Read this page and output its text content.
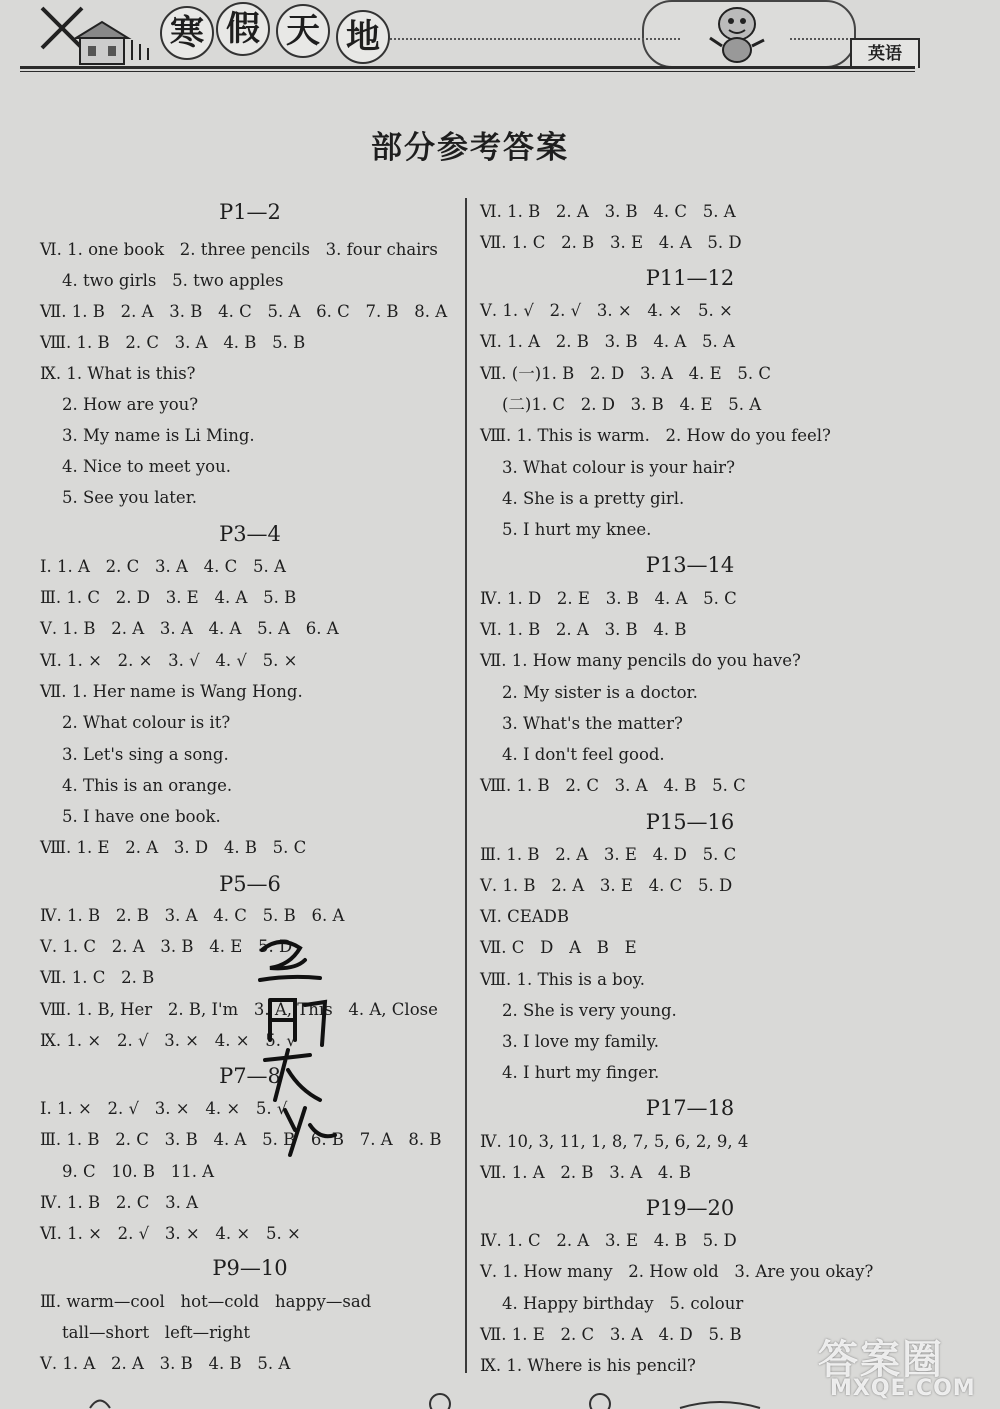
寒 假 天 地	英语
部分参考答案
P1—2
Ⅵ. 1. one book   2. three pencils   3. four chairs
4. two girls   5. two apples
Ⅶ. 1. B   2. A   3. B   4. C   5. A   6. C   7. B   8. A
Ⅷ. 1. B   2. C   3. A   4. B   5. B
Ⅸ. 1. What is this?
2. How are you?
3. My name is Li Ming.
4. Nice to meet you.
5. See you later.
P3—4
Ⅰ. 1. A   2. C   3. A   4. C   5. A
Ⅲ. 1. C   2. D   3. E   4. A   5. B
Ⅴ. 1. B   2. A   3. A   4. A   5. A   6. A
Ⅵ. 1. ×   2. ×   3. √   4. √   5. ×
Ⅶ. 1. Her name is Wang Hong.
2. What colour is it?
3. Let's sing a song.
4. This is an orange.
5. I have one book.
Ⅷ. 1. E   2. A   3. D   4. B   5. C
P5—6
Ⅳ. 1. B   2. B   3. A   4. C   5. B   6. A
Ⅴ. 1. C   2. A   3. B   4. E   5. D
Ⅶ. 1. C   2. B
Ⅷ. 1. B, Her   2. B, I'm   3. A, This   4. A, Close
Ⅸ. 1. ×   2. √   3. ×   4. ×   5. √
P7—8
Ⅰ. 1. ×   2. √   3. ×   4. ×   5. √
Ⅲ. 1. B   2. C   3. B   4. A   5. B   6. B   7. A   8. B
9. C   10. B   11. A
Ⅳ. 1. B   2. C   3. A
Ⅵ. 1. ×   2. √   3. ×   4. ×   5. ×
P9—10
Ⅲ. warm—cool   hot—cold   happy—sad
tall—short   left—right
Ⅴ. 1. A   2. A   3. B   4. B   5. A
Ⅵ. 1. B   2. A   3. B   4. C   5. A
Ⅶ. 1. C   2. B   3. E   4. A   5. D
P11—12
Ⅴ. 1. √   2. √   3. ×   4. ×   5. ×
Ⅵ. 1. A   2. B   3. B   4. A   5. A
Ⅶ. (一)1. B   2. D   3. A   4. E   5. C
(二)1. C   2. D   3. B   4. E   5. A
Ⅷ. 1. This is warm.   2. How do you feel?
3. What colour is your hair?
4. She is a pretty girl.
5. I hurt my knee.
P13—14
Ⅳ. 1. D   2. E   3. B   4. A   5. C
Ⅵ. 1. B   2. A   3. B   4. B
Ⅶ. 1. How many pencils do you have?
2. My sister is a doctor.
3. What's the matter?
4. I don't feel good.
Ⅷ. 1. B   2. C   3. A   4. B   5. C
P15—16
Ⅲ. 1. B   2. A   3. E   4. D   5. C
Ⅴ. 1. B   2. A   3. E   4. C   5. D
Ⅵ. CEADB
Ⅶ. C   D   A   B   E
Ⅷ. 1. This is a boy.
2. She is very young.
3. I love my family.
4. I hurt my finger.
P17—18
Ⅳ. 10, 3, 11, 1, 8, 7, 5, 6, 2, 9, 4
Ⅶ. 1. A   2. B   3. A   4. B
P19—20
Ⅳ. 1. C   2. A   3. E   4. B   5. D
Ⅴ. 1. How many   2. How old   3. Are you okay?
4. Happy birthday   5. colour
Ⅶ. 1. E   2. C   3. A   4. D   5. B
Ⅸ. 1. Where is his pencil?	答案圈
MXQE.COM
